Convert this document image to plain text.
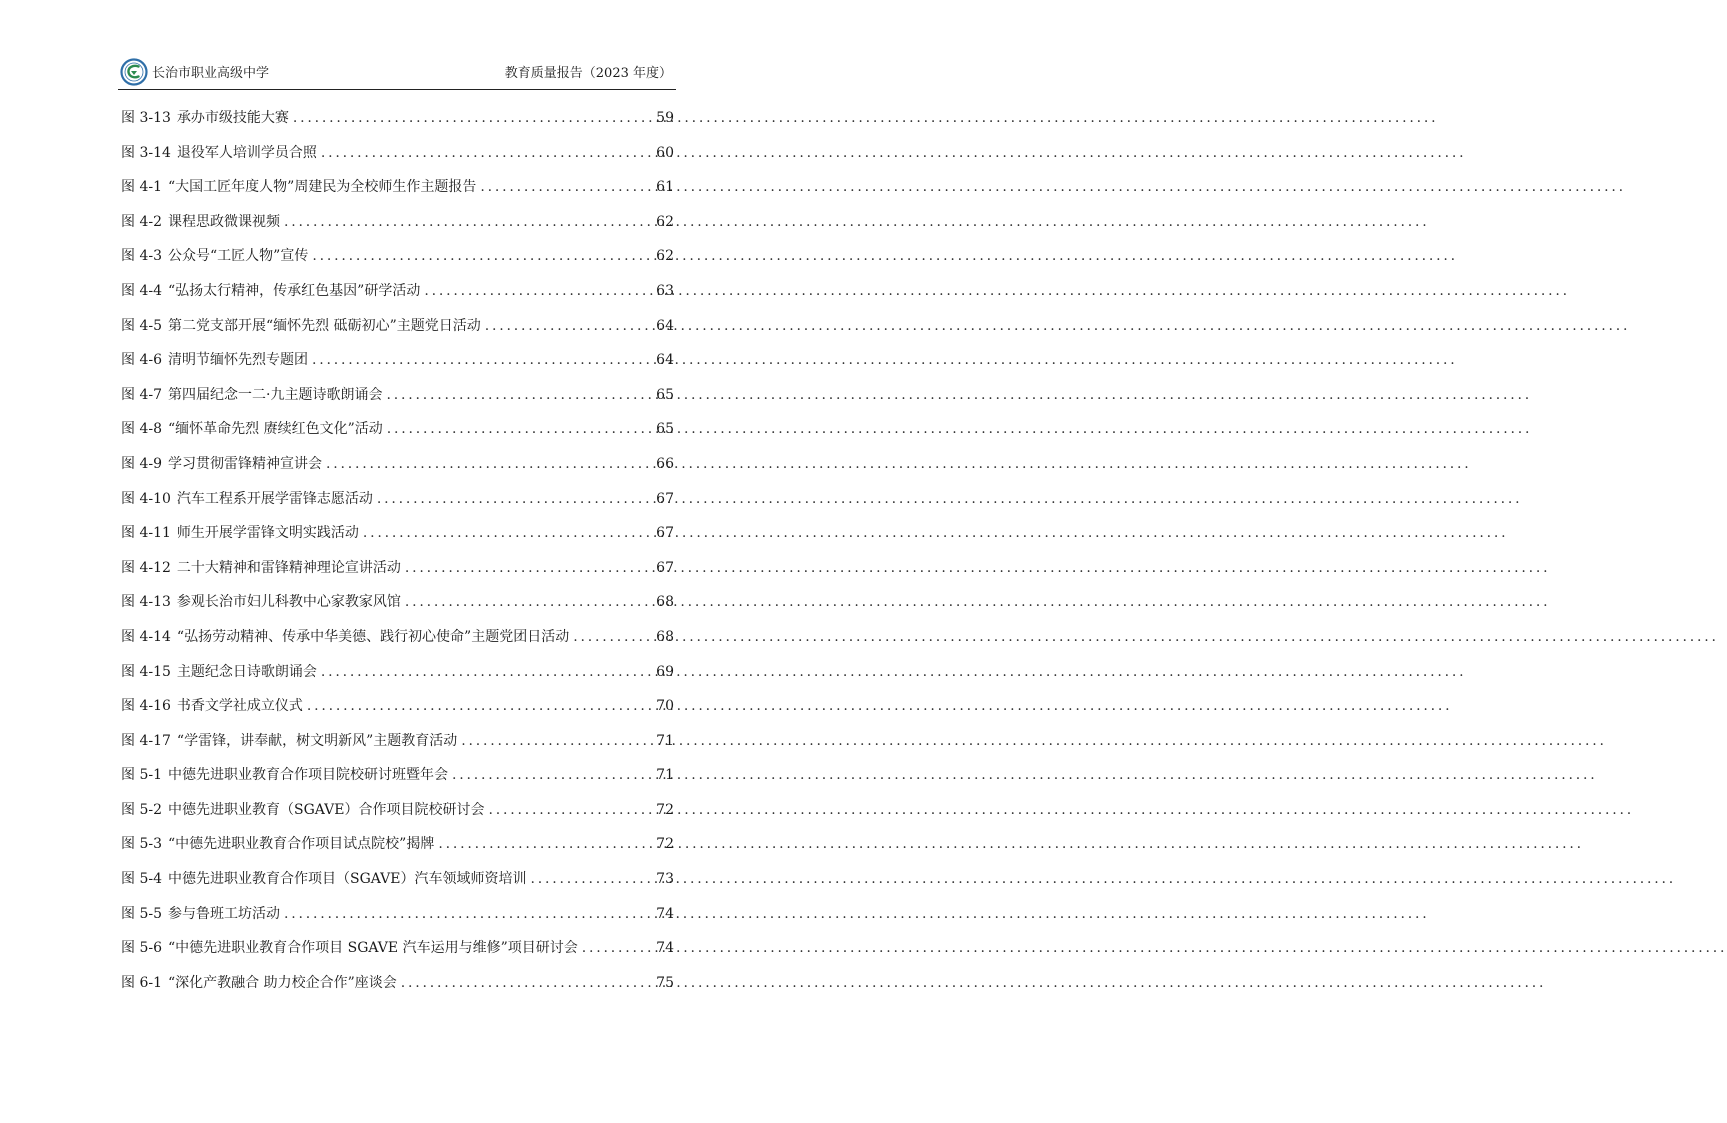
长治市职业高级中学	教育质量报告（2023 年度）
图 3-13 承办市级技能大赛 .....	59
图 3-14 退役军人培训学员合照 .....	60
图 4-1 “大国工匠年度人物”周建民为全校师生作主题报告 .....	61
图 4-2 课程思政微课视频 .....	62
图 4-3 公众号“工匠人物”宣传 .....	62
图 4-4 “弘扬太行精神，传承红色基因”研学活动 .....	63
图 4-5 第二党支部开展“缅怀先烈 砥砺初心”主题党日活动 .....	64
图 4-6 清明节缅怀先烈专题团 .....	64
图 4-7 第四届纪念一二·九主题诗歌朗诵会 .....	65
图 4-8 “缅怀革命先烈 赓续红色文化”活动 .....	65
图 4-9 学习贯彻雷锋精神宣讲会 .....	66
图 4-10 汽车工程系开展学雷锋志愿活动 .....	67
图 4-11 师生开展学雷锋文明实践活动 .....	67
图 4-12 二十大精神和雷锋精神理论宣讲活动 .....	67
图 4-13 参观长治市妇儿科教中心家教家风馆 .....	68
图 4-14 “弘扬劳动精神、传承中华美德、践行初心使命”主题党团日活动 .....	68
图 4-15 主题纪念日诗歌朗诵会 .....	69
图 4-16 书香文学社成立仪式 .....	70
图 4-17 “学雷锋，讲奉献，树文明新风”主题教育活动 .....	71
图 5-1 中德先进职业教育合作项目院校研讨班暨年会 .....	71
图 5-2 中德先进职业教育（SGAVE）合作项目院校研讨会 .....	72
图 5-3 “中德先进职业教育合作项目试点院校”揭牌 .....	72
图 5-4 中德先进职业教育合作项目（SGAVE）汽车领域师资培训 .....	73
图 5-5 参与鲁班工坊活动 .....	74
图 5-6 “中德先进职业教育合作项目 SGAVE 汽车运用与维修”项目研讨会 .....	74
图 6-1 “深化产教融合 助力校企合作”座谈会 .....	75
